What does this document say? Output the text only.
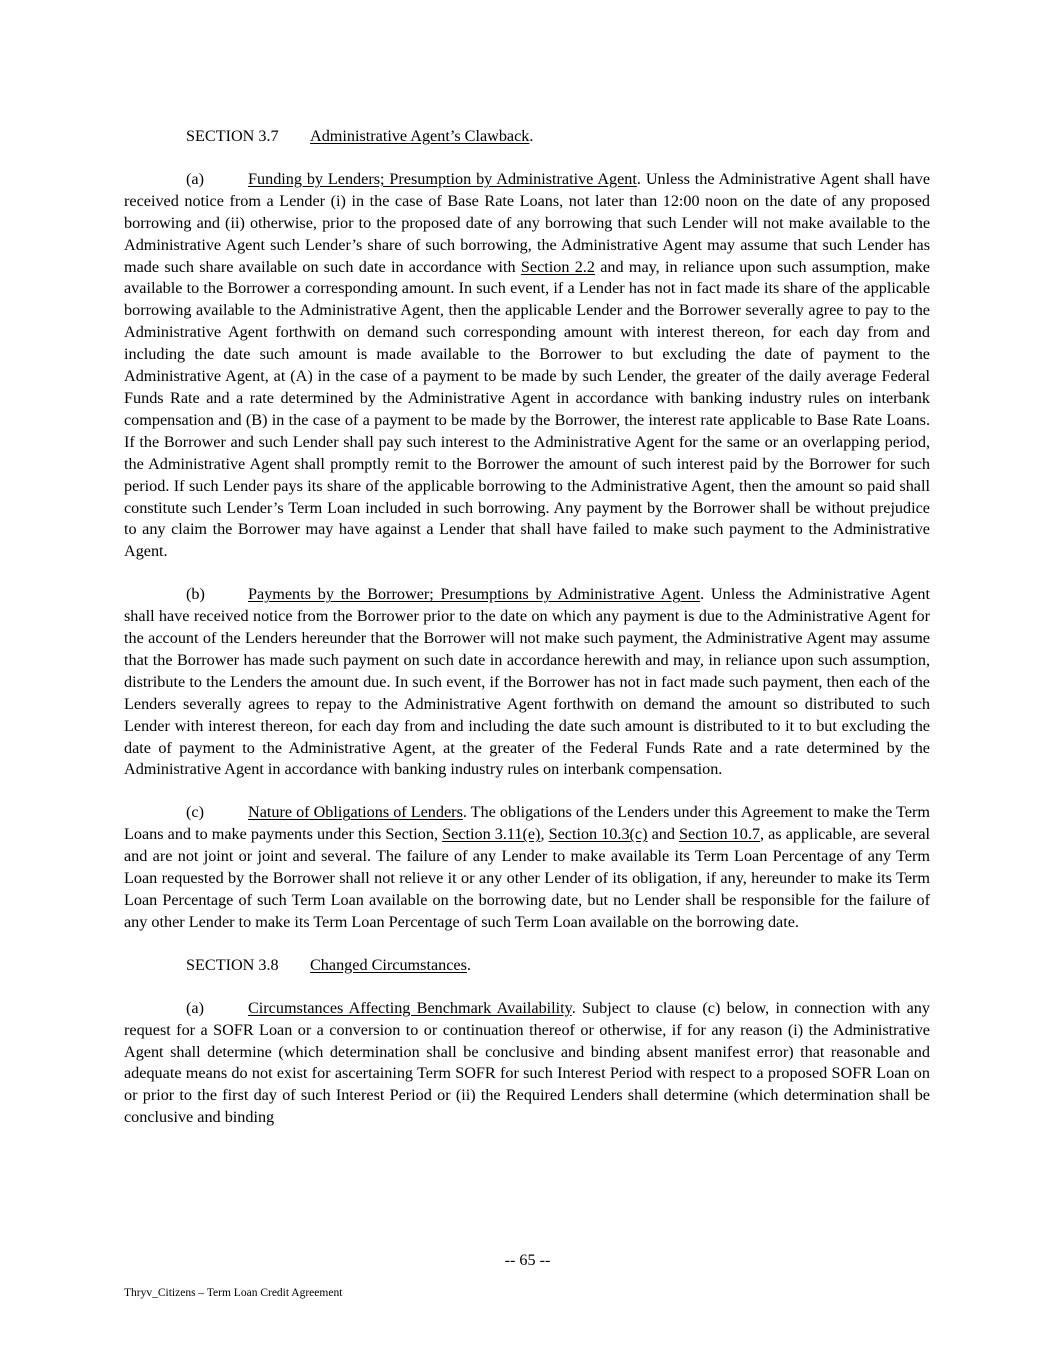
SECTION 3.7 Administrative Agent’s Clawback.

(a)	Funding by Lenders; Presumption by Administrative Agent. Unless the Administrative Agent shall have received notice from a Lender (i) in the case of Base Rate Loans, not later than 12:00 noon on the date of any proposed borrowing and (ii) otherwise, prior to the proposed date of any borrowing that such Lender will not make available to the Administrative Agent such Lender’s share of such borrowing, the Administrative Agent may assume that such Lender has made such share available on such date in accordance with Section 2.2 and may, in reliance upon such assumption, make available to the Borrower a corresponding amount. In such event, if a Lender has not in fact made its share of the applicable borrowing available to the Administrative Agent, then the applicable Lender and the Borrower severally agree to pay to the Administrative Agent forthwith on demand such corresponding amount with interest thereon, for each day from and including the date such amount is made available to the Borrower to but excluding the date of payment to the Administrative Agent, at (A) in the case of a payment to be made by such Lender, the greater of the daily average Federal Funds Rate and a rate determined by the Administrative Agent in accordance with banking industry rules on interbank compensation and (B) in the case of a payment to be made by the Borrower, the interest rate applicable to Base Rate Loans. If the Borrower and such Lender shall pay such interest to the Administrative Agent for the same or an overlapping period, the Administrative Agent shall promptly remit to the Borrower the amount of such interest paid by the Borrower for such period. If such Lender pays its share of the applicable borrowing to the Administrative Agent, then the amount so paid shall constitute such Lender’s Term Loan included in such borrowing. Any payment by the Borrower shall be without prejudice to any claim the Borrower may have against a Lender that shall have failed to make such payment to the Administrative Agent.

(b)	Payments by the Borrower; Presumptions by Administrative Agent. Unless the Administrative Agent shall have received notice from the Borrower prior to the date on which any payment is due to the Administrative Agent for the account of the Lenders hereunder that the Borrower will not make such payment, the Administrative Agent may assume that the Borrower has made such payment on such date in accordance herewith and may, in reliance upon such assumption, distribute to the Lenders the amount due. In such event, if the Borrower has not in fact made such payment, then each of the Lenders severally agrees to repay to the Administrative Agent forthwith on demand the amount so distributed to such Lender with interest thereon, for each day from and including the date such amount is distributed to it to but excluding the date of payment to the Administrative Agent, at the greater of the Federal Funds Rate and a rate determined by the Administrative Agent in accordance with banking industry rules on interbank compensation.

(c)	Nature of Obligations of Lenders. The obligations of the Lenders under this Agreement to make the Term Loans and to make payments under this Section, Section 3.11(e), Section 10.3(c) and Section 10.7, as applicable, are several and are not joint or joint and several. The failure of any Lender to make available its Term Loan Percentage of any Term Loan requested by the Borrower shall not relieve it or any other Lender of its obligation, if any, hereunder to make its Term Loan Percentage of such Term Loan available on the borrowing date, but no Lender shall be responsible for the failure of any other Lender to make its Term Loan Percentage of such Term Loan available on the borrowing date.

SECTION 3.8 Changed Circumstances.

(a)	Circumstances Affecting Benchmark Availability. Subject to clause (c) below, in connection with any request for a SOFR Loan or a conversion to or continuation thereof or otherwise, if for any reason (i) the Administrative Agent shall determine (which determination shall be conclusive and binding absent manifest error) that reasonable and adequate means do not exist for ascertaining Term SOFR for such Interest Period with respect to a proposed SOFR Loan on or prior to the first day of such Interest Period or (ii) the Required Lenders shall determine (which determination shall be conclusive and binding

-- 65 --
Thryv_Citizens – Term Loan Credit Agreement
